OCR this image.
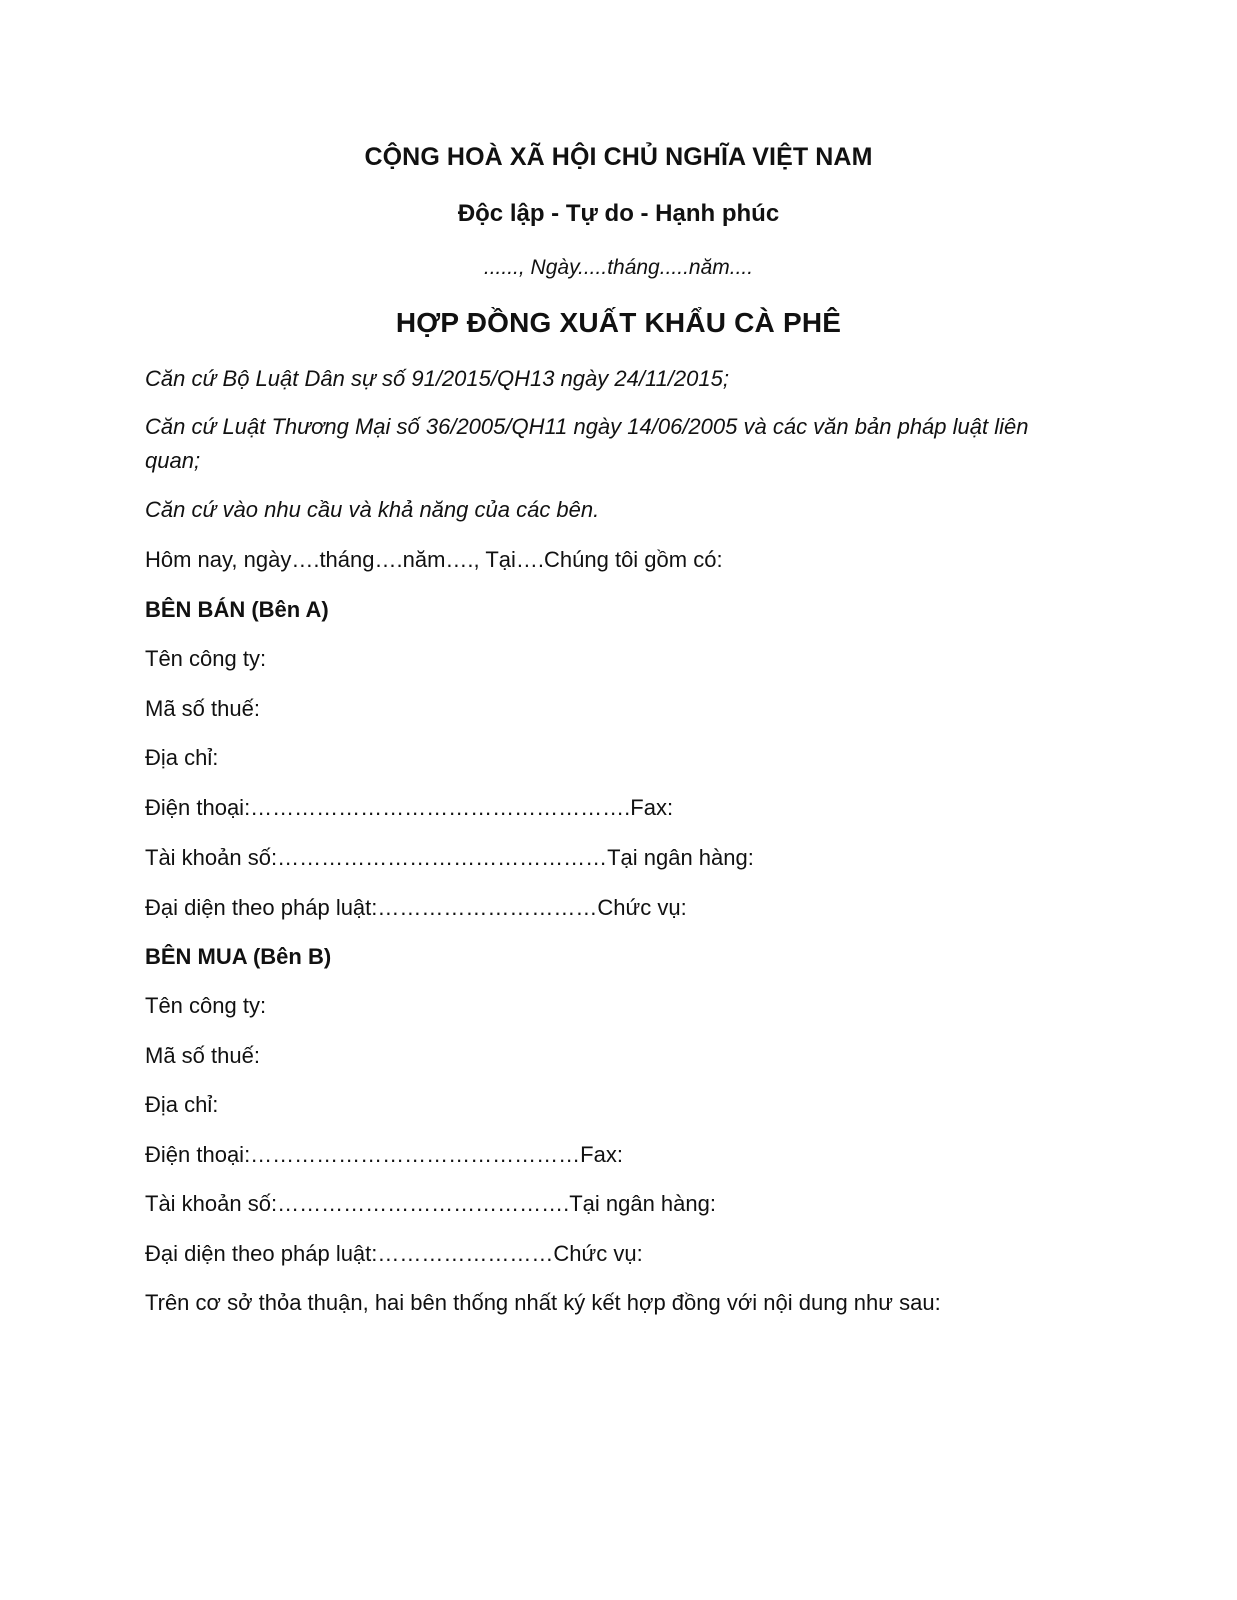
CỘNG HOÀ XÃ HỘI CHỦ NGHĨA VIỆT NAM
Độc lập - Tự do - Hạnh phúc
......, Ngày.....tháng.....năm....
HỢP ĐỒNG XUẤT KHẨU CÀ PHÊ
Căn cứ Bộ Luật Dân sự số 91/2015/QH13 ngày 24/11/2015;
Căn cứ Luật Thương Mại số 36/2005/QH11 ngày 14/06/2005 và các văn bản pháp luật liên quan;
Căn cứ vào nhu cầu và khả năng của các bên.
Hôm nay, ngày….tháng….năm…., Tại….Chúng tôi gồm có:
BÊN BÁN (Bên A)
Tên công ty:
Mã số thuế:
Địa chỉ:
Điện thoại:…………………………………………….Fax:
Tài khoản số:………………………………………Tại ngân hàng:
Đại diện theo pháp luật:…………………………Chức vụ:
BÊN MUA (Bên B)
Tên công ty:
Mã số thuế:
Địa chỉ:
Điện thoại:………………………………………Fax:
Tài khoản số:………………………………….Tại ngân hàng:
Đại diện theo pháp luật:……………………Chức vụ:
Trên cơ sở thỏa thuận, hai bên thống nhất ký kết hợp đồng với nội dung như sau:
